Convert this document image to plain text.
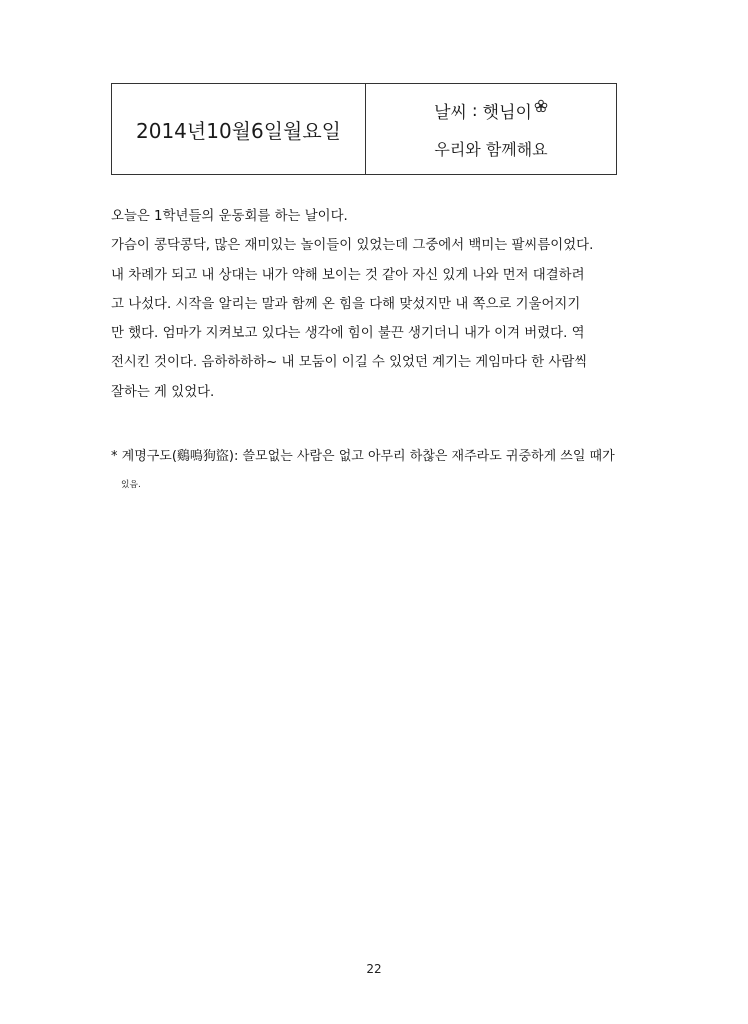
2014년10월6일월요일
날씨 : 햇님이
우리와 함께해요
오늘은 1학년들의 운동회를 하는 날이다.
가슴이 콩닥콩닥, 많은 재미있는 놀이들이 있었는데 그중에서 백미는 팔씨름이었다.
내 차례가 되고 내 상대는 내가 약해 보이는 것 같아 자신 있게 나와 먼저 대결하려
고 나섰다. 시작을 알리는 말과 함께 온 힘을 다해 맞섰지만 내 쪽으로 기울어지기
만 했다. 엄마가 지켜보고 있다는 생각에 힘이 불끈 생기더니 내가 이겨 버렸다. 역
전시킨 것이다. 음하하하하~ 내 모둠이 이길 수 있었던 계기는 게임마다 한 사람씩
잘하는 게 있었다.
* 계명구도(鷄鳴狗盜): 쓸모없는 사람은 없고 아무리 하찮은 재주라도 귀중하게 쓰일 때가
있음.
22
